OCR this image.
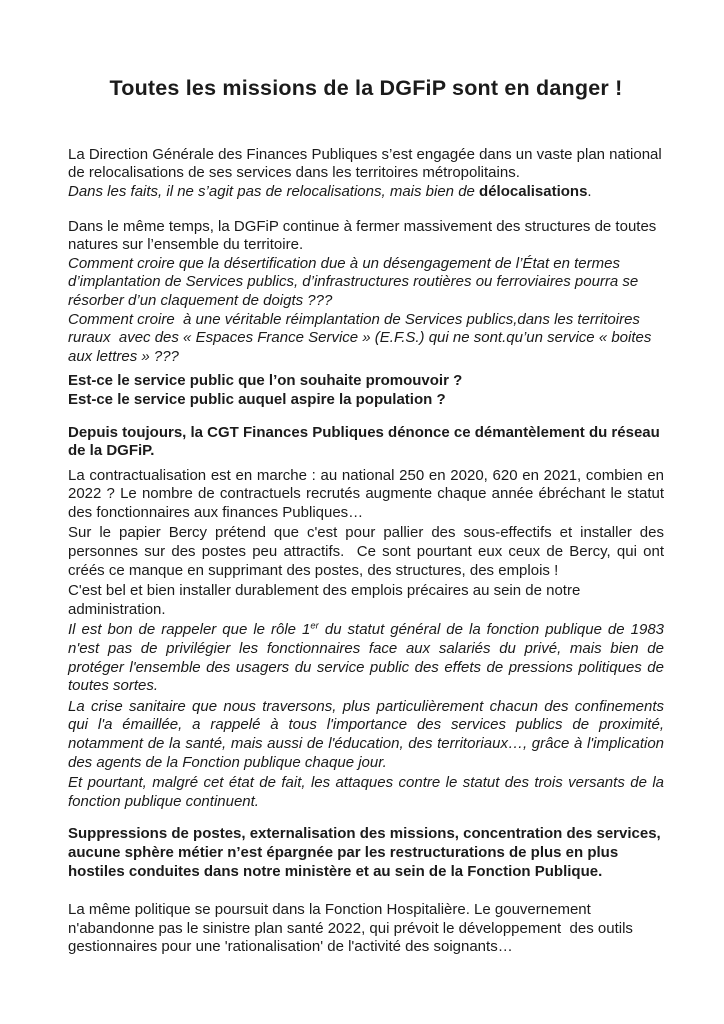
Toutes les missions de la DGFiP sont en danger !

La Direction Générale des Finances Publiques s’est engagée dans un vaste plan national de relocalisations de ses services dans les territoires métropolitains.
Dans les faits, il ne s’agit pas de relocalisations, mais bien de délocalisations.

Dans le même temps, la DGFiP continue à fermer massivement des structures de toutes natures sur l’ensemble du territoire.
Comment croire que la désertification due à un désengagement de l’État en termes d’implantation de Services publics, d’infrastructures routières ou ferroviaires pourra se résorber d’un claquement de doigts ???
Comment croire  à une véritable réimplantation de Services publics,dans les territoires ruraux  avec des « Espaces France Service » (E.F.S.) qui ne sont.qu’un service « boites aux lettres » ???

Est-ce le service public que l’on souhaite promouvoir ?
Est-ce le service public auquel aspire la population ?

Depuis toujours, la CGT Finances Publiques dénonce ce démantèlement du réseau de la DGFiP.

La contractualisation est en marche : au national 250 en 2020, 620 en 2021, combien en 2022 ? Le nombre de contractuels recrutés augmente chaque année ébréchant le statut des fonctionnaires aux finances Publiques…

Sur le papier Bercy prétend que c'est pour pallier des sous-effectifs et installer des personnes sur des postes peu attractifs.  Ce sont pourtant eux ceux de Bercy, qui ont créés ce manque en supprimant des postes, des structures, des emplois !

C'est bel et bien installer durablement des emplois précaires au sein de notre administration.

Il est bon de rappeler que le rôle 1er du statut général de la fonction publique de 1983 n'est pas de privilégier les fonctionnaires face aux salariés du privé, mais bien de protéger l'ensemble des usagers du service public des effets de pressions politiques de toutes sortes.

La crise sanitaire que nous traversons, plus particulièrement chacun des confinements qui l'a émaillée, a rappelé à tous l'importance des services publics de proximité, notamment de la santé, mais aussi de l'éducation, des territoriaux…, grâce à l'implication des agents de la Fonction publique chaque jour.

Et pourtant, malgré cet état de fait, les attaques contre le statut des trois versants de la fonction publique continuent.

Suppressions de postes, externalisation des missions, concentration des services, aucune sphère métier n’est épargnée par les restructurations de plus en plus hostiles conduites dans notre ministère et au sein de la Fonction Publique.

La même politique se poursuit dans la Fonction Hospitalière. Le gouvernement n'abandonne pas le sinistre plan santé 2022, qui prévoit le développement  des outils gestionnaires pour une 'rationalisation' de l'activité des soignants…
